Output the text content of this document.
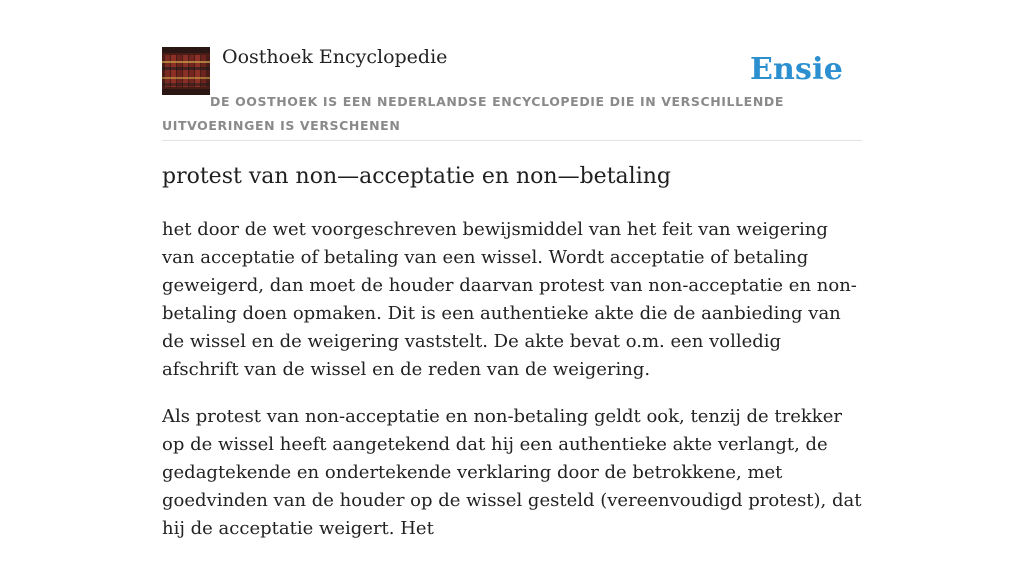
Oosthoek Encyclopedie	Ensie
DE OOSTHOEK IS EEN NEDERLANDSE ENCYCLOPEDIE DIE IN VERSCHILLENDE UITVOERINGEN IS VERSCHENEN
protest van non—acceptatie en non—betaling

het door de wet voorgeschreven bewijsmiddel van het feit van weigering van acceptatie of betaling van een wissel. Wordt acceptatie of betaling geweigerd, dan moet de houder daarvan protest van non-acceptatie en non-betaling doen opmaken. Dit is een authentieke akte die de aanbieding van de wissel en de weigering vaststelt. De akte bevat o.m. een volledig afschrift van de wissel en de reden van de weigering.

Als protest van non-acceptatie en non-betaling geldt ook, tenzij de trekker op de wissel heeft aangetekend dat hij een authentieke akte verlangt, de gedagtekende en ondertekende verklaring door de betrokkene, met goedvinden van de houder op de wissel gesteld (vereenvoudigd protest), dat hij de acceptatie weigert. Het
